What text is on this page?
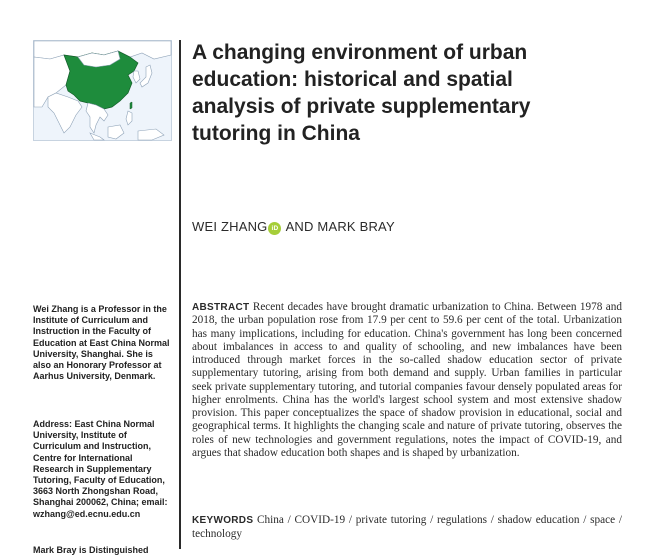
A changing environment of urban
education: historical and spatial
analysis of private supplementary
tutoring in China

WEI ZHANG iD AND MARK BRAY

Wei Zhang is a Professor in the Institute of Curriculum and Instruction in the Faculty of Education at East China Normal University, Shanghai. She is also an Honorary Professor at Aarhus University, Denmark.

Address: East China Normal University, Institute of Curriculum and Instruction, Centre for International Research in Supplementary Tutoring, Faculty of Education, 3663 North Zhongshan Road, Shanghai 200062, China; email: wzhang@ed.ecnu.edu.cn

Mark Bray is Distinguished

ABSTRACT Recent decades have brought dramatic urbanization to China. Between 1978 and 2018, the urban population rose from 17.9 per cent to 59.6 per cent of the total. Urbanization has many implications, including for education. China's government has long been concerned about imbalances in access to and quality of schooling, and new imbalances have been introduced through market forces in the so-called shadow education sector of private supplementary tutoring, arising from both demand and supply. Urban families in particular seek private supplementary tutoring, and tutorial companies favour densely populated areas for higher enrolments. China has the world's largest school system and most extensive shadow provision. This paper conceptualizes the space of shadow provision in educational, social and geographical terms. It highlights the changing scale and nature of private tutoring, observes the roles of new technologies and government regulations, notes the impact of COVID-19, and argues that shadow education both shapes and is shaped by urbanization.

KEYWORDS China / COVID-19 / private tutoring / regulations / shadow education / space / technology
